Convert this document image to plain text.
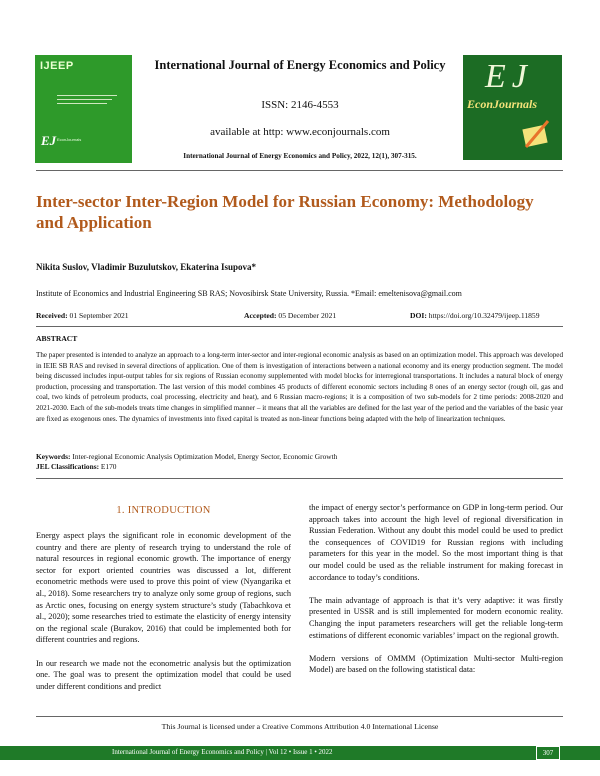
IJEEP
EJ EconJournals
International Journal of Energy Economics and Policy
ISSN: 2146-4553
available at http: www.econjournals.com
International Journal of Energy Economics and Policy, 2022, 12(1), 307-315.
EJ
EconJournals
Inter-sector Inter-Region Model for Russian Economy: Methodology and Application
Nikita Suslov, Vladimir Buzulutskov, Ekaterina Isupova*
Institute of Economics and Industrial Engineering SB RAS; Novosibirsk State University, Russia. *Email: emeltenisova@gmail.com
Received: 01 September 2021	Accepted: 05 December 2021	DOI: https://doi.org/10.32479/ijeep.11859
ABSTRACT
The paper presented is intended to analyze an approach to a long-term inter-sector and inter-regional economic analysis as based on an optimization model. This approach was developed in IEIE SB RAS and revised in several directions of application. One of them is investigation of interactions between a national economy and its energy production segment. The model being discussed includes input-output tables for six regions of Russian economy supplemented with model blocks for interregional transportations. It includes a natural block of energy production, processing and transportation. The last version of this model combines 45 products of different economic sectors including 8 ones of an energy sector (rough oil, gas and coal, two kinds of petroleum products, coal processing, electricity and heat), and 6 Russian macro-regions; it is a composition of two sub-models for 2 time periods: 2008-2020 and 2021-2030. Each of the sub-models treats time changes in simplified manner – it means that all the variables are defined for the last year of the period and the variables of the basic year are fixed as exogenous ones. The dynamics of investments into fixed capital is treated as non-linear functions being adapted with the help of linearization techniques.
Keywords: Inter-regional Economic Analysis Optimization Model, Energy Sector, Economic Growth
JEL Classifications: E170
1. INTRODUCTION

Energy aspect plays the significant role in economic development of the country and there are plenty of research trying to understand the role of natural resources in regional economic growth. The importance of energy sector for export oriented countries was discussed a lot, different econometric methods were used to prove this point of view (Nyangarika et al., 2018). Some researchers try to analyze only some group of regions, such as Arctic ones, focusing on energy system structure’s study (Tabachkova et al., 2020); some researches tried to estimate the elasticity of energy intensity on the regional scale (Burakov, 2016) that could be implemented both for different countries and regions.

In our research we made not the econometric analysis but the optimization one. The goal was to present the optimization model that could be used under different conditions and predict

the impact of energy sector’s performance on GDP in long-term period. Our approach takes into account the high level of regional diversification in Russian Federation. Without any doubt this model could be used to predict the consequences of COVID19 for Russian regions with including parameters for this year in the model. So the most important thing is that our model could be used as the reliable instrument for making forecast in accordance to today’s conditions.

The main advantage of approach is that it’s very adaptive: it was firstly presented in USSR and is still implemented for modern economic reality. Changing the input parameters researchers will get the reliable long-term estimations of different economic variables’ impact on the regional growth.

Modern versions of OMMM (Optimization Multi-sector Multi-region Model) are based on the following statistical data:

This Journal is licensed under a Creative Commons Attribution 4.0 International License
International Journal of Energy Economics and Policy | Vol 12 • Issue 1 • 2022	307
